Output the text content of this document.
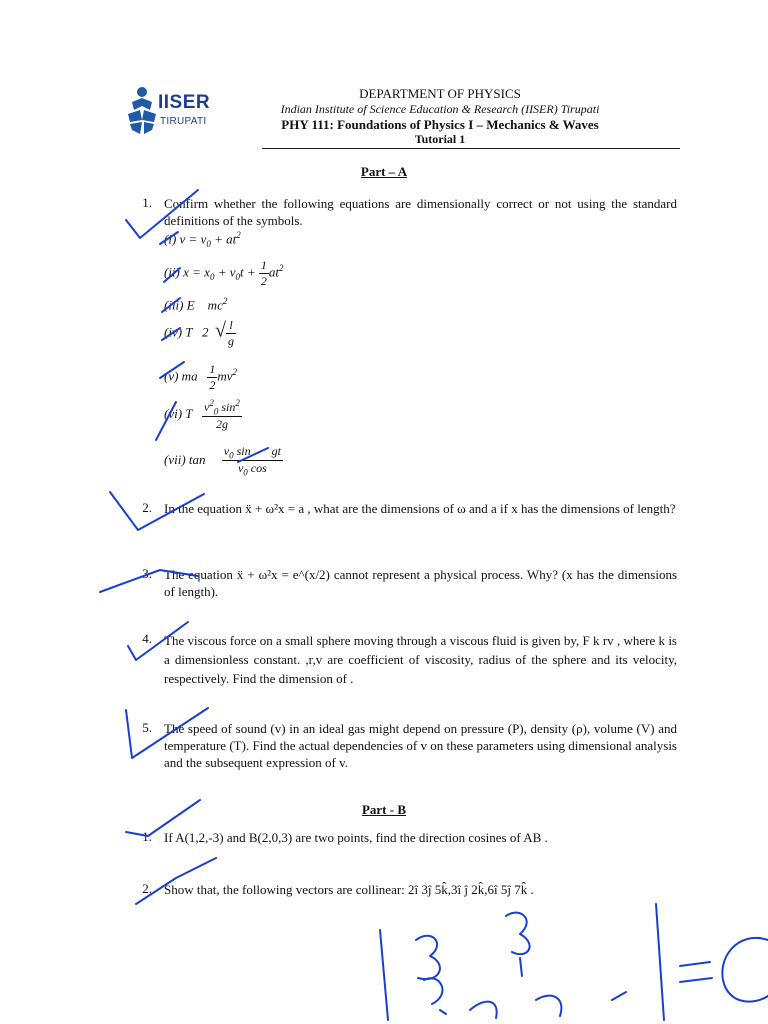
IISER
TIRUPATI
DEPARTMENT OF PHYSICS
Indian Institute of Science Education & Research (IISER) Tirupati
PHY 111: Foundations of Physics I – Mechanics & Waves
Tutorial 1
Part – A
1. Confirm whether the following equations are dimensionally correct or not using the standard definitions of the symbols.
(i) $v = v_0 + at^2$
(ii) $x = x_0 + v_0t + \frac{1}{2} at^2$
(iii) E    $mc^2$
(iv) T   2  √ $\frac{l}{g}$
(v) ma $\frac{1}{2} mv^2$
(vi) T $\frac{v^2_0 \sin^2}{2g}$
(vii) $\tan \frac{v_0 \sin gt}{v_0 \cos}$
2. In the equation ẍ + ω²x = a , what are the dimensions of ω and a if x has the dimensions of length?
3. The equation ẍ + ω²x = e^(x/2) cannot represent a physical process. Why? (x has the dimensions of length).
4. The viscous force on a small sphere moving through a viscous fluid is given by, F k rv , where k is a dimensionless constant. ,r,v are coefficient of viscosity, radius of the sphere and its velocity, respectively. Find the dimension of .
5. The speed of sound (v) in an ideal gas might depend on pressure (P), density (ρ), volume (V) and temperature (T). Find the actual dependencies of v on these parameters using dimensional analysis and the subsequent expression of v.
Part - B
1. If A(1,2,-3) and B(2,0,3) are two points, find the direction cosines of AB .
2. Show that, the following vectors are collinear: 2î 3ĵ 5k̂,3î ĵ 2k̂,6î 5ĵ 7k̂ .
